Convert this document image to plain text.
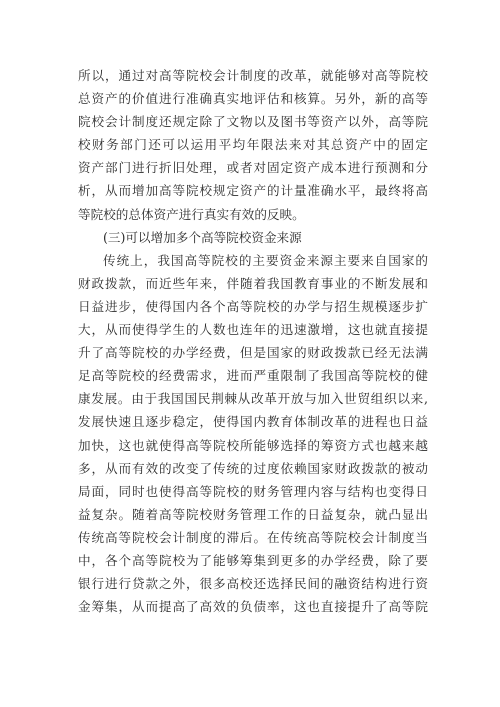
所以，通过对高等院校会计制度的改革，就能够对高等院校
总资产的价值进行准确真实地评估和核算。另外，新的高等
院校会计制度还规定除了文物以及图书等资产以外，高等院
校财务部门还可以运用平均年限法来对其总资产中的固定
资产部门进行折旧处理，或者对固定资产成本进行预测和分
析，从而增加高等院校规定资产的计量准确水平，最终将高
等院校的总体资产进行真实有效的反映。
(三)可以增加多个高等院校资金来源
传统上，我国高等院校的主要资金来源主要来自国家的
财政拨款，而近些年来，伴随着我国教育事业的不断发展和
日益进步，使得国内各个高等院校的办学与招生规模逐步扩
大，从而使得学生的人数也连年的迅速激增，这也就直接提
升了高等院校的办学经费，但是国家的财政拨款已经无法满
足高等院校的经费需求，进而严重限制了我国高等院校的健
康发展。由于我国国民荆棘从改革开放与加入世贸组织以来,
发展快速且逐步稳定，使得国内教育体制改革的进程也日益
加快，这也就使得高等院校所能够选择的筹资方式也越来越
多，从而有效的改变了传统的过度依赖国家财政拨款的被动
局面，同时也使得高等院校的财务管理内容与结构也变得日
益复杂。随着高等院校财务管理工作的日益复杂，就凸显出
传统高等院校会计制度的滞后。在传统高等院校会计制度当
中，各个高等院校为了能够筹集到更多的办学经费，除了要
银行进行贷款之外，很多高校还选择民间的融资结构进行资
金筹集，从而提高了高效的负债率，这也直接提升了高等院
